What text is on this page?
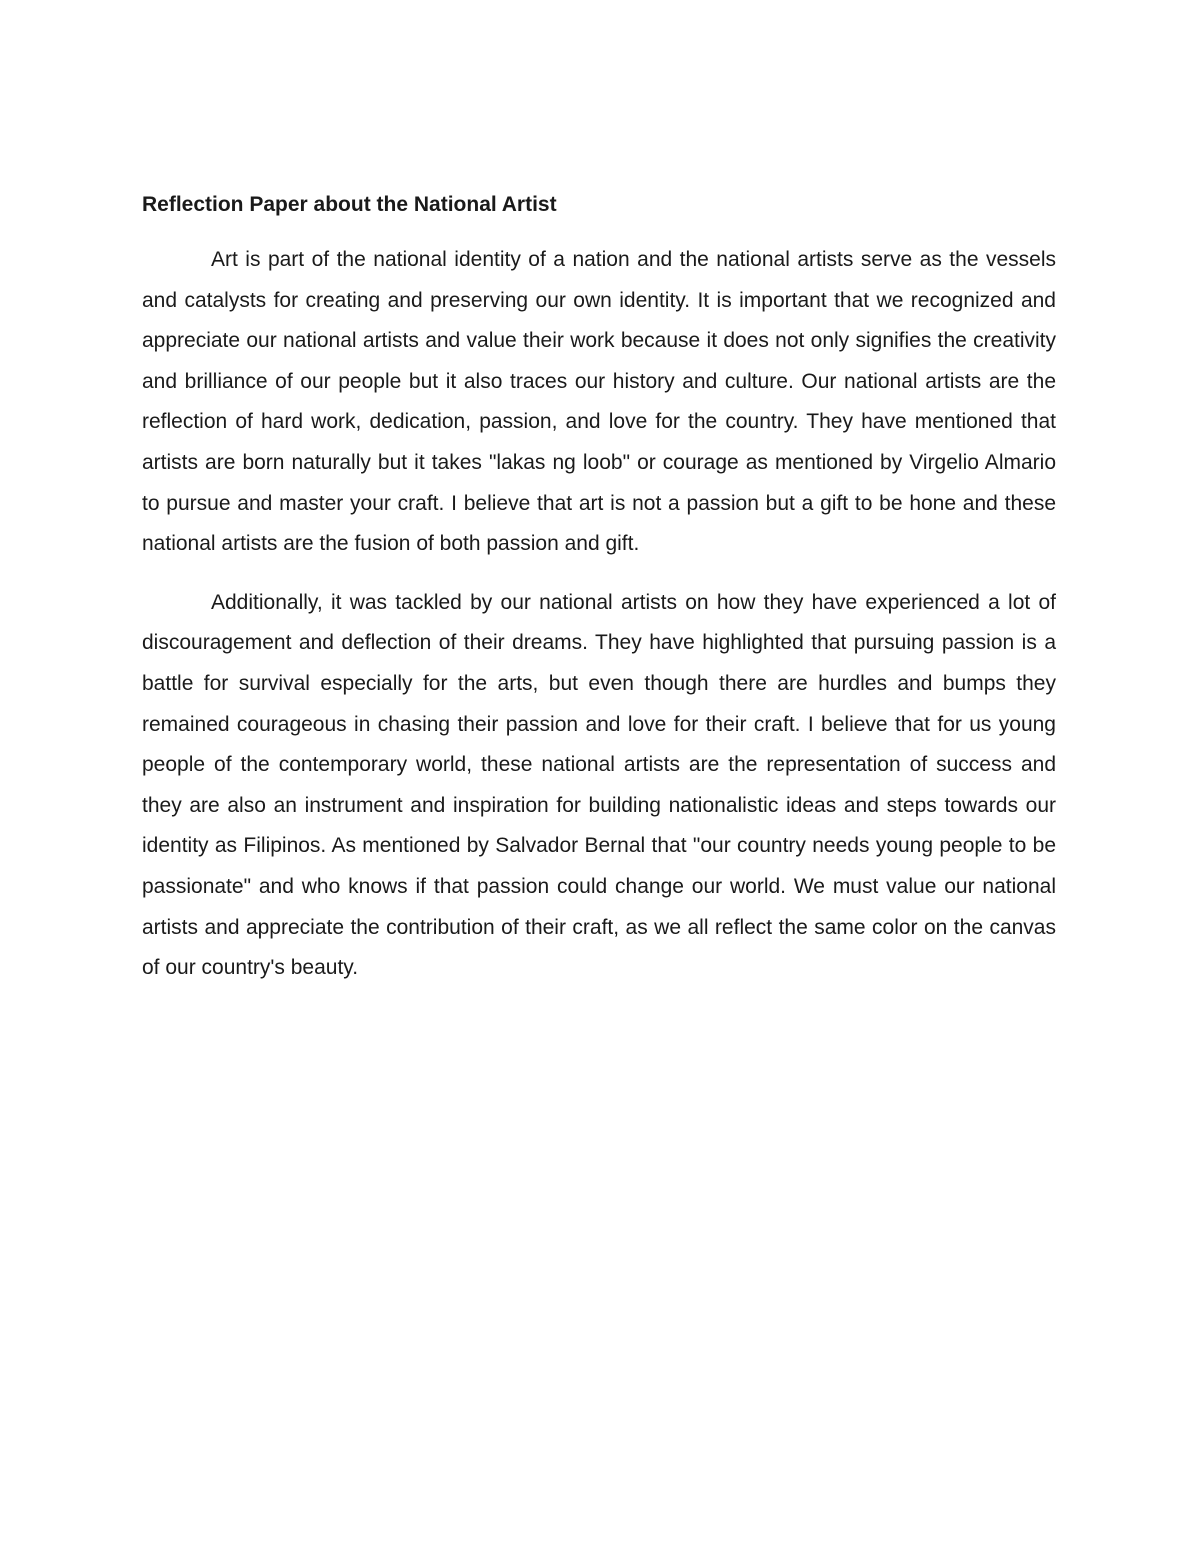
Reflection Paper about the National Artist

Art is part of the national identity of a nation and the national artists serve as the vessels and catalysts for creating and preserving our own identity. It is important that we recognized and appreciate our national artists and value their work because it does not only signifies the creativity and brilliance of our people but it also traces our history and culture. Our national artists are the reflection of hard work, dedication, passion, and love for the country. They have mentioned that artists are born naturally but it takes "lakas ng loob" or courage as mentioned by Virgelio Almario to pursue and master your craft. I believe that art is not a passion but a gift to be hone and these national artists are the fusion of both passion and gift.

Additionally, it was tackled by our national artists on how they have experienced a lot of discouragement and deflection of their dreams. They have highlighted that pursuing passion is a battle for survival especially for the arts, but even though there are hurdles and bumps they remained courageous in chasing their passion and love for their craft. I believe that for us young people of the contemporary world, these national artists are the representation of success and they are also an instrument and inspiration for building nationalistic ideas and steps towards our identity as Filipinos. As mentioned by Salvador Bernal that "our country needs young people to be passionate" and who knows if that passion could change our world. We must value our national artists and appreciate the contribution of their craft, as we all reflect the same color on the canvas of our country's beauty.
